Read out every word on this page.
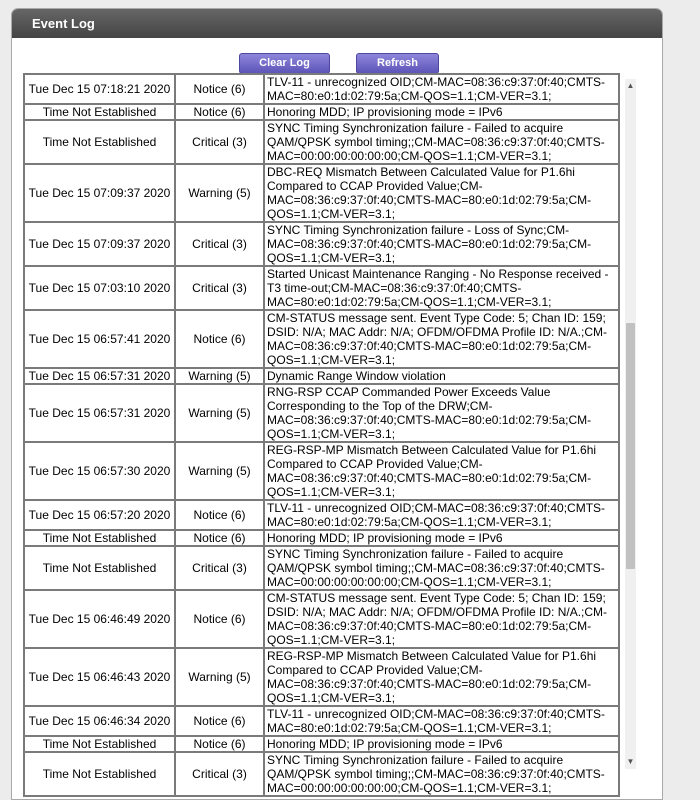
Event Log
Clear Log	Refresh
Tue Dec 15 07:18:21 2020	Notice (6)	TLV-11 - unrecognized OID;CM-MAC=08:36:c9:37:0f:40;CMTS-MAC=80:e0:1d:02:79:5a;CM-QOS=1.1;CM-VER=3.1;
Time Not Established	Notice (6)	Honoring MDD; IP provisioning mode = IPv6
Time Not Established	Critical (3)	SYNC Timing Synchronization failure - Failed to acquire QAM/QPSK symbol timing;;CM-MAC=08:36:c9:37:0f:40;CMTS-MAC=00:00:00:00:00:00;CM-QOS=1.1;CM-VER=3.1;
Tue Dec 15 07:09:37 2020	Warning (5)	DBC-REQ Mismatch Between Calculated Value for P1.6hi Compared to CCAP Provided Value;CM-MAC=08:36:c9:37:0f:40;CMTS-MAC=80:e0:1d:02:79:5a;CM-QOS=1.1;CM-VER=3.1;
Tue Dec 15 07:09:37 2020	Critical (3)	SYNC Timing Synchronization failure - Loss of Sync;CM-MAC=08:36:c9:37:0f:40;CMTS-MAC=80:e0:1d:02:79:5a;CM-QOS=1.1;CM-VER=3.1;
Tue Dec 15 07:03:10 2020	Critical (3)	Started Unicast Maintenance Ranging - No Response received - T3 time-out;CM-MAC=08:36:c9:37:0f:40;CMTS-MAC=80:e0:1d:02:79:5a;CM-QOS=1.1;CM-VER=3.1;
Tue Dec 15 06:57:41 2020	Notice (6)	CM-STATUS message sent. Event Type Code: 5; Chan ID: 159; DSID: N/A; MAC Addr: N/A; OFDM/OFDMA Profile ID: N/A.;CM-MAC=08:36:c9:37:0f:40;CMTS-MAC=80:e0:1d:02:79:5a;CM-QOS=1.1;CM-VER=3.1;
Tue Dec 15 06:57:31 2020	Warning (5)	Dynamic Range Window violation
Tue Dec 15 06:57:31 2020	Warning (5)	RNG-RSP CCAP Commanded Power Exceeds Value Corresponding to the Top of the DRW;CM-MAC=08:36:c9:37:0f:40;CMTS-MAC=80:e0:1d:02:79:5a;CM-QOS=1.1;CM-VER=3.1;
Tue Dec 15 06:57:30 2020	Warning (5)	REG-RSP-MP Mismatch Between Calculated Value for P1.6hi Compared to CCAP Provided Value;CM-MAC=08:36:c9:37:0f:40;CMTS-MAC=80:e0:1d:02:79:5a;CM-QOS=1.1;CM-VER=3.1;
Tue Dec 15 06:57:20 2020	Notice (6)	TLV-11 - unrecognized OID;CM-MAC=08:36:c9:37:0f:40;CMTS-MAC=80:e0:1d:02:79:5a;CM-QOS=1.1;CM-VER=3.1;
Time Not Established	Notice (6)	Honoring MDD; IP provisioning mode = IPv6
Time Not Established	Critical (3)	SYNC Timing Synchronization failure - Failed to acquire QAM/QPSK symbol timing;;CM-MAC=08:36:c9:37:0f:40;CMTS-MAC=00:00:00:00:00:00;CM-QOS=1.1;CM-VER=3.1;
Tue Dec 15 06:46:49 2020	Notice (6)	CM-STATUS message sent. Event Type Code: 5; Chan ID: 159; DSID: N/A; MAC Addr: N/A; OFDM/OFDMA Profile ID: N/A.;CM-MAC=08:36:c9:37:0f:40;CMTS-MAC=80:e0:1d:02:79:5a;CM-QOS=1.1;CM-VER=3.1;
Tue Dec 15 06:46:43 2020	Warning (5)	REG-RSP-MP Mismatch Between Calculated Value for P1.6hi Compared to CCAP Provided Value;CM-MAC=08:36:c9:37:0f:40;CMTS-MAC=80:e0:1d:02:79:5a;CM-QOS=1.1;CM-VER=3.1;
Tue Dec 15 06:46:34 2020	Notice (6)	TLV-11 - unrecognized OID;CM-MAC=08:36:c9:37:0f:40;CMTS-MAC=80:e0:1d:02:79:5a;CM-QOS=1.1;CM-VER=3.1;
Time Not Established	Notice (6)	Honoring MDD; IP provisioning mode = IPv6
Time Not Established	Critical (3)	SYNC Timing Synchronization failure - Failed to acquire QAM/QPSK symbol timing;;CM-MAC=08:36:c9:37:0f:40;CMTS-MAC=00:00:00:00:00:00;CM-QOS=1.1;CM-VER=3.1;
▲
▼
